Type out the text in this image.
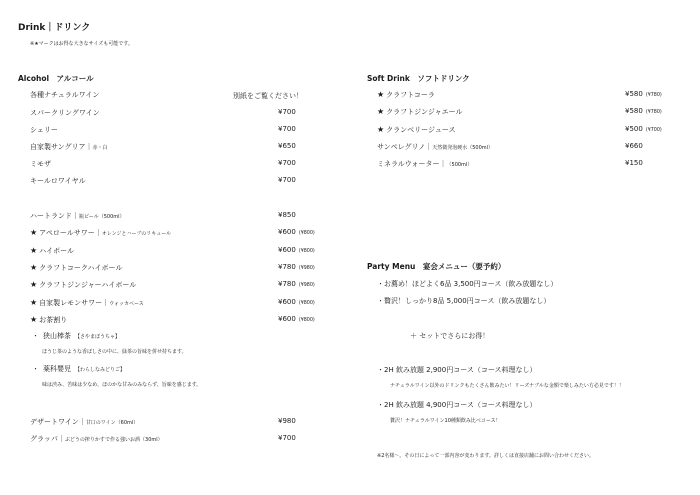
Drink｜ドリンク
※★マークはお得な大きなサイズも可能です。
Alcohol　アルコール
各種ナチュラルワイン	別紙をご覧ください！
スパークリングワイン	¥700
シェリー	¥700
自家製サングリア｜赤・白	¥650
ミモザ	¥700
キールロワイヤル	¥700
ハートランド｜瓶ビール（500ml）	¥850
★ アペロールサワー｜オレンジとハーブのリキュール	¥600 (¥800)
★ ハイボール	¥600 (¥800)
★ クラフトコークハイボール	¥780 (¥980)
★ クラフトジンジャーハイボール	¥780 (¥980)
★ 自家製レモンサワー｜ウォッカベース	¥600 (¥800)
★ お茶割り	¥600 (¥800)
・ 狭山棒茶 【さやまぼうちゃ】
ほうじ茶のような香ばしさの中に、緑茶の旨味を併せ持ちます。
・ 薬科嬰児 【わらしなみどりご】
味は渋み、苦味は少なめ、ほのかな甘みのみならず、旨味を感じます。
デザートワイン｜甘口のワイン（60ml）	¥980
グラッパ｜ぶどうの搾りかすで作る強いお酒（30ml）	¥700
Soft Drink　ソフトドリンク
★ クラフトコーラ	¥580 (¥780)
★ クラフトジンジャエール	¥580 (¥780)
★ クランベリージュース	¥500 (¥700)
サンペレグリノ｜天然微発泡硬水（500ml）	¥660
ミネラルウォーター｜（500ml）	¥150
Party Menu　宴会メニュー（要予約）
・お薦め！ほどよく6品 3,500円コース（飲み放題なし）
・贅沢！しっかり8品 5,000円コース（飲み放題なし）
＋ セットでさらにお得！
・2H 飲み放題 2,900円コース（コース料理なし）
ナチュラルワイン以外のドリンクもたくさん飲みたい！リーズナブルな金額で楽しみたい方必見です！！
・2H 飲み放題 4,900円コース（コース料理なし）
贅沢！ナチュラルワイン10種類飲み比べコース！
※2名様〜。その日によって一部内容が変わります。詳しくは直接店舗にお問い合わせください。
